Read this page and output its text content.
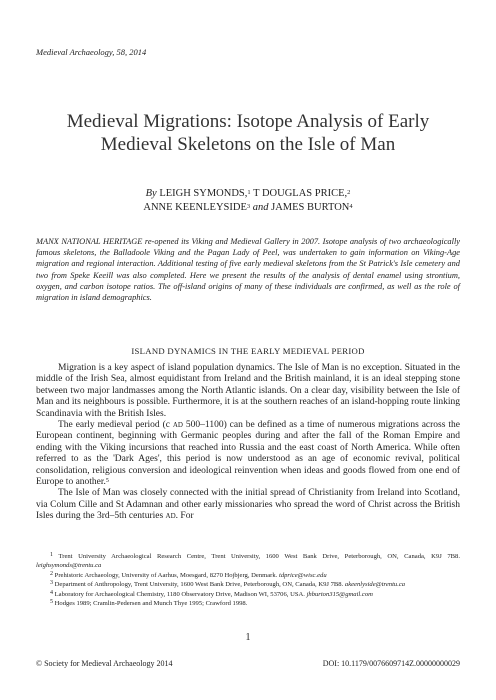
Medieval Archaeology, 58, 2014
Medieval Migrations: Isotope Analysis of Early Medieval Skeletons on the Isle of Man
By LEIGH SYMONDS,$^1$ T DOUGLAS PRICE,$^2$
ANNE KEENLEYSIDE$^3$ and JAMES BURTON$^4$
MANX NATIONAL HERITAGE re-opened its Viking and Medieval Gallery in 2007. Isotope analysis of two archaeologically famous skeletons, the Balladoole Viking and the Pagan Lady of Peel, was undertaken to gain information on Viking-Age migration and regional interaction. Additional testing of five early medieval skeletons from the St Patrick's Isle cemetery and two from Speke Keeill was also completed. Here we present the results of the analysis of dental enamel using strontium, oxygen, and carbon isotope ratios. The off-island origins of many of these individuals are confirmed, as well as the role of migration in island demographics.
ISLAND DYNAMICS IN THE EARLY MEDIEVAL PERIOD

Migration is a key aspect of island population dynamics. The Isle of Man is no exception. Situated in the middle of the Irish Sea, almost equidistant from Ireland and the British mainland, it is an ideal stepping stone between two major landmasses among the North Atlantic islands. On a clear day, visibility between the Isle of Man and its neighbours is possible. Furthermore, it is at the southern reaches of an island-hopping route linking Scandinavia with the British Isles.

The early medieval period (c ad 500–1100) can be defined as a time of numerous migrations across the European continent, beginning with Germanic peoples during and after the fall of the Roman Empire and ending with the Viking incursions that reached into Russia and the east coast of North America. While often referred to as the 'Dark Ages', this period is now understood as an age of economic revival, political consolidation, religious conversion and ideological reinvention when ideas and goods flowed from one end of Europe to another.$^5$

The Isle of Man was closely connected with the initial spread of Christianity from Ireland into Scotland, via Colum Cille and St Adamnan and other early missionaries who spread the word of Christ across the British Isles during the 3rd–5th centuries ad. For

$^1$ Trent University Archaeological Research Centre, Trent University, 1600 West Bank Drive, Peterborough, ON, Canada, K9J 7B8. leighsymonds@trentu.ca

$^2$ Prehistoric Archaeology, University of Aarhus, Moesgard, 8270 Hojbjerg, Denmark. tdprice@wisc.edu

$^3$ Department of Anthropology, Trent University, 1600 West Bank Drive, Peterborough, ON, Canada, K9J 7B8. akeenlyside@trentu.ca

$^4$ Laboratory for Archaeological Chemistry, 1180 Observatory Drive, Madison WI, 53706, USA. jhburton315@gmail.com

$^5$ Hodges 1989; Cramlin-Pedersen and Munch Thye 1995; Crawford 1998.

1
© Society for Medieval Archaeology 2014	DOI: 10.1179/0076609714Z.00000000029
